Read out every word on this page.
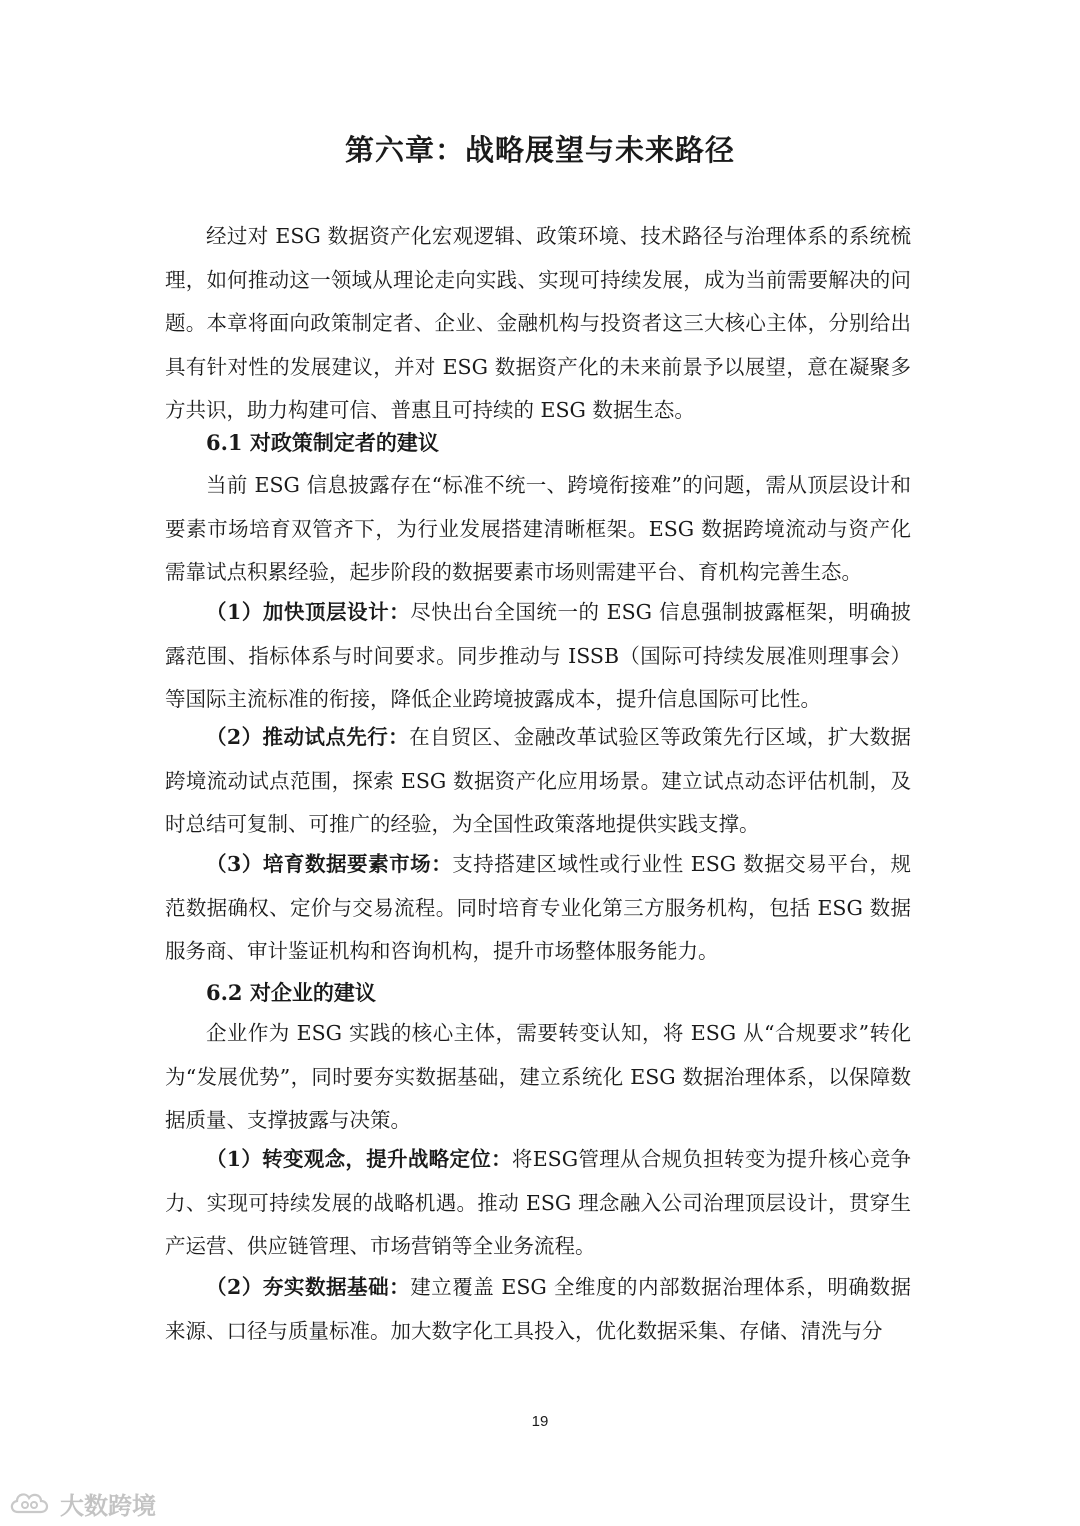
第六章：战略展望与未来路径

经过对 ESG 数据资产化宏观逻辑、政策环境、技术路径与治理体系的系统梳理，如何推动这一领域从理论走向实践、实现可持续发展，成为当前需要解决的问题。本章将面向政策制定者、企业、金融机构与投资者这三大核心主体，分别给出具有针对性的发展建议，并对 ESG 数据资产化的未来前景予以展望，意在凝聚多方共识，助力构建可信、普惠且可持续的 ESG 数据生态。

6.1 对政策制定者的建议

当前 ESG 信息披露存在“标准不统一、跨境衔接难”的问题，需从顶层设计和要素市场培育双管齐下，为行业发展搭建清晰框架。ESG 数据跨境流动与资产化需靠试点积累经验，起步阶段的数据要素市场则需建平台、育机构完善生态。

（1）加快顶层设计：尽快出台全国统一的 ESG 信息强制披露框架，明确披露范围、指标体系与时间要求。同步推动与 ISSB（国际可持续发展准则理事会）等国际主流标准的衔接，降低企业跨境披露成本，提升信息国际可比性。

（2）推动试点先行：在自贸区、金融改革试验区等政策先行区域，扩大数据跨境流动试点范围，探索 ESG 数据资产化应用场景。建立试点动态评估机制，及时总结可复制、可推广的经验，为全国性政策落地提供实践支撑。

（3）培育数据要素市场：支持搭建区域性或行业性 ESG 数据交易平台，规范数据确权、定价与交易流程。同时培育专业化第三方服务机构，包括 ESG 数据服务商、审计鉴证机构和咨询机构，提升市场整体服务能力。

6.2 对企业的建议

企业作为 ESG 实践的核心主体，需要转变认知，将 ESG 从“合规要求”转化为“发展优势”，同时要夯实数据基础，建立系统化 ESG 数据治理体系，以保障数据质量、支撑披露与决策。

（1）转变观念，提升战略定位：将ESG管理从合规负担转变为提升核心竞争力、实现可持续发展的战略机遇。推动 ESG 理念融入公司治理顶层设计，贯穿生产运营、供应链管理、市场营销等全业务流程。

（2）夯实数据基础：建立覆盖 ESG 全维度的内部数据治理体系，明确数据来源、口径与质量标准。加大数字化工具投入，优化数据采集、存储、清洗与分

19
大数跨境
